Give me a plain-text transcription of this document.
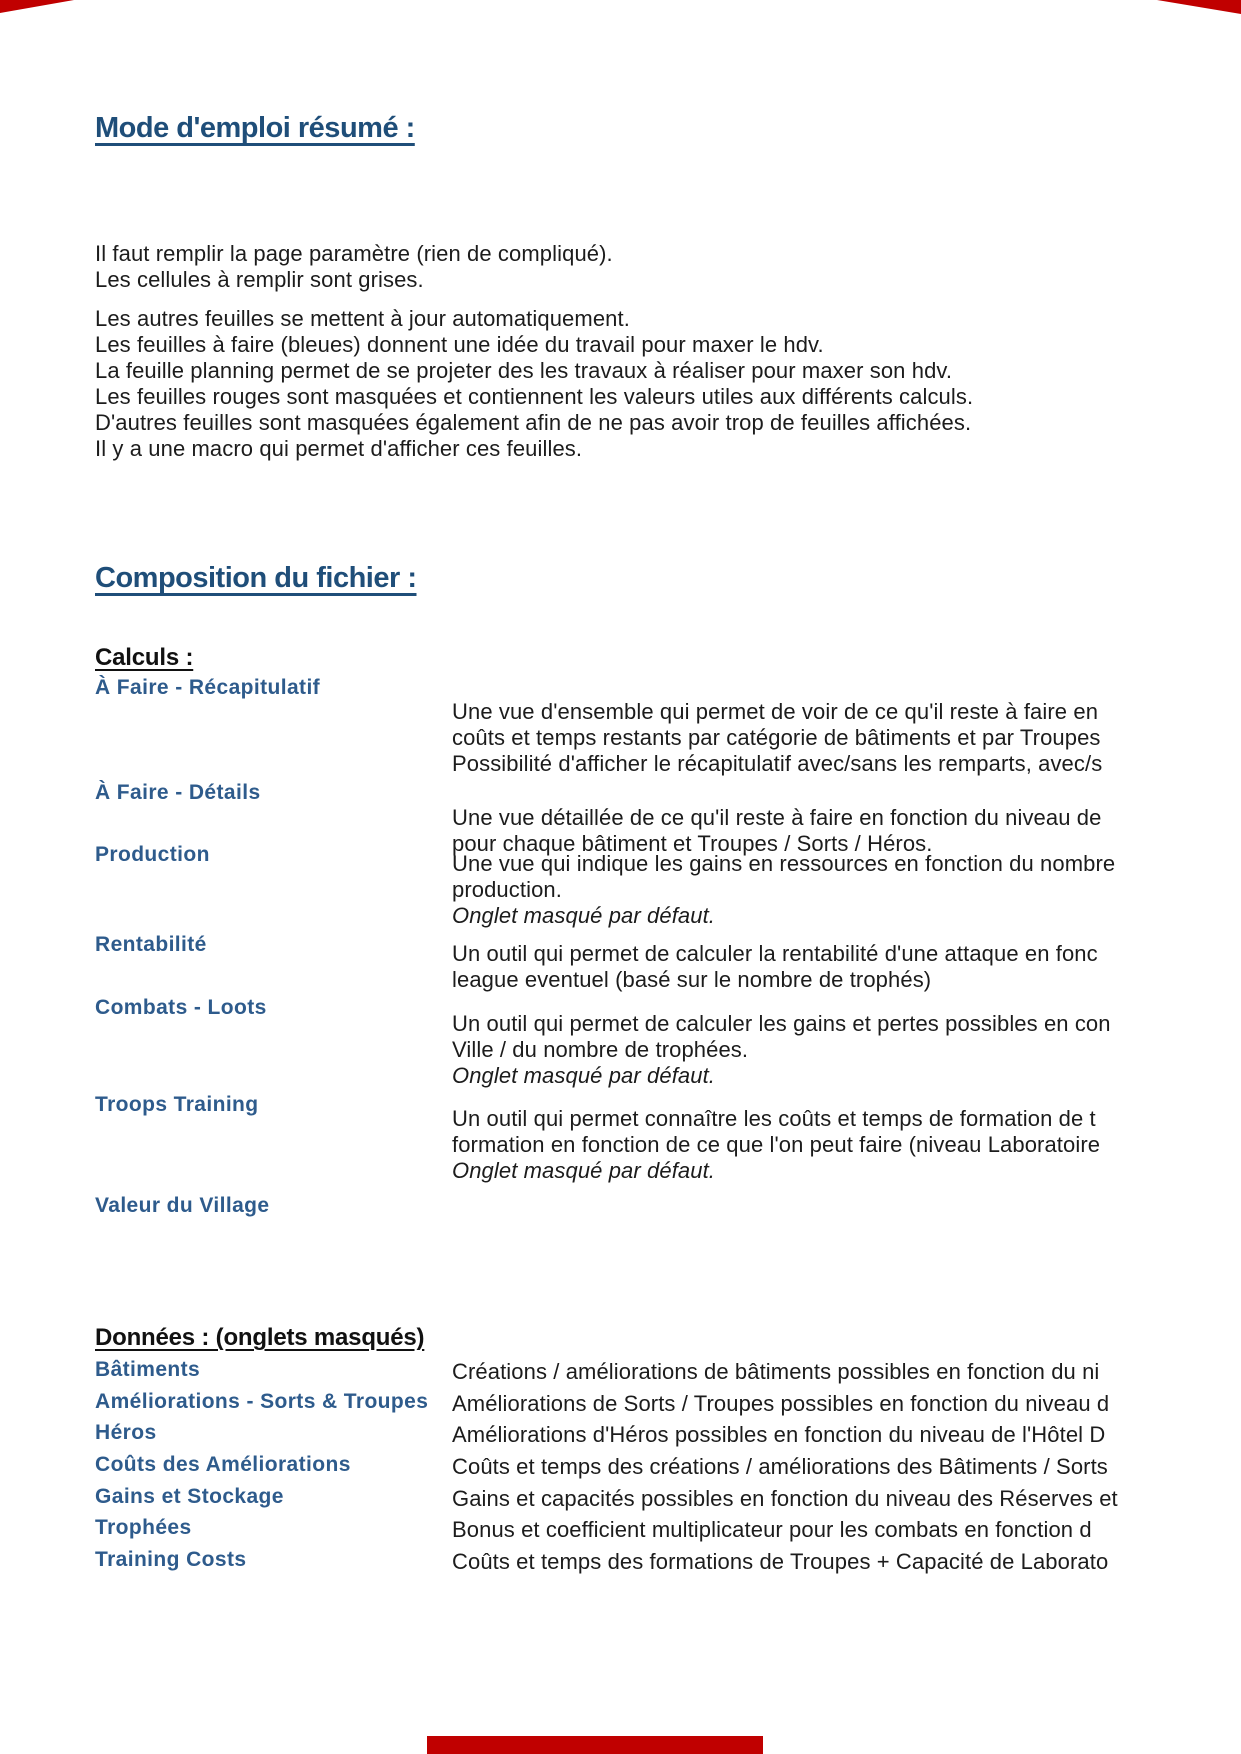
Mode d'emploi résumé :
Il faut remplir la page paramètre (rien de compliqué).
Les cellules à remplir sont grises.
Les autres feuilles se mettent à jour automatiquement.
Les feuilles à faire (bleues) donnent une idée du travail pour maxer le hdv.
La feuille planning permet de se projeter des les travaux à réaliser pour maxer son hdv.
Les feuilles rouges sont masquées et contiennent les valeurs utiles aux différents calculs.
D'autres feuilles sont masquées également afin de ne pas avoir trop de feuilles affichées.
Il y a une macro qui permet d'afficher ces feuilles.
Composition du fichier :
Calculs :
À Faire - Récapitulatif
À Faire - Détails
Production
Rentabilité
Combats - Loots
Troops Training
Valeur du Village
Une vue d'ensemble qui permet de voir de ce qu'il reste à faire en
coûts et temps restants par catégorie de bâtiments et par Troupes
Possibilité d'afficher le récapitulatif avec/sans les remparts, avec/s
Une vue détaillée de ce qu'il reste à faire en fonction du niveau de
pour chaque bâtiment et Troupes / Sorts / Héros.
Une vue qui indique les gains en ressources en fonction du nombre
production.
Onglet masqué par défaut.
Un outil qui permet de calculer la rentabilité d'une attaque en fonc
league eventuel (basé sur le nombre de trophés)
Un outil qui permet de calculer les gains et pertes possibles en con
Ville / du nombre de trophées.
Onglet masqué par défaut.
Un outil qui permet connaître les coûts et temps de formation de t
formation en fonction de ce que l'on peut faire (niveau Laboratoire
Onglet masqué par défaut.
Données : (onglets masqués)
Bâtiments
Améliorations - Sorts & Troupes
Héros
Coûts des Améliorations
Gains et Stockage
Trophées
Training Costs
Créations / améliorations de bâtiments possibles en fonction du ni
Améliorations de Sorts / Troupes possibles en fonction du niveau d
Améliorations d'Héros possibles en fonction du niveau de l'Hôtel D
Coûts et temps des créations / améliorations des Bâtiments / Sorts
Gains et capacités possibles en fonction du niveau des Réserves et
Bonus et coefficient multiplicateur pour les combats en fonction d
Coûts et temps des formations de Troupes + Capacité de Laborato
